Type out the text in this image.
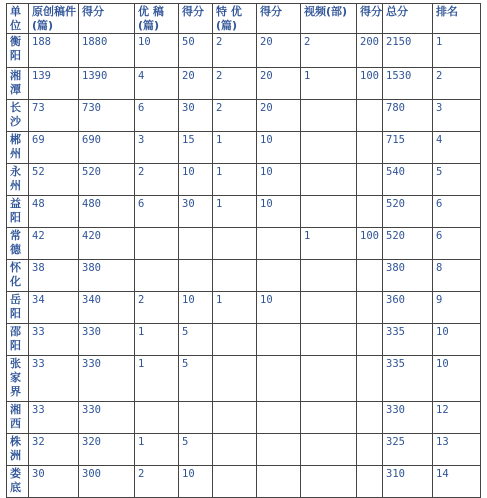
单位	原创稿件(篇)	得分	优 稿(篇)	得分	特 优(篇)	得分	视频(部)	得分	总分	排名

衡阳	188	1880	10	50	2	20	2	200	2150	1

湘潭	139	1390	4	20	2	20	1	100	1530	2

长沙	73	730	6	30	2	20			780	3

郴州	69	690	3	15	1	10			715	4

永州	52	520	2	10	1	10			540	5

益阳	48	480	6	30	1	10			520	6

常德	42	420					1	100	520	6

怀化	38	380							380	8

岳阳	34	340	2	10	1	10			360	9

邵阳	33	330	1	5					335	10

张家界	33	330	1	5					335	10

湘西	33	330							330	12

株洲	32	320	1	5					325	13

娄底	30	300	2	10					310	14
